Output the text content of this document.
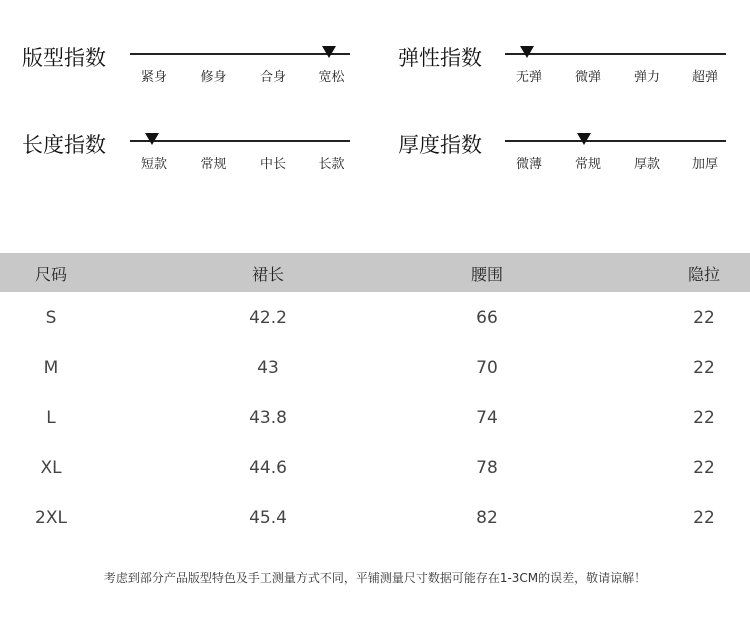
版型指数
紧身	修身	合身	宽松
弹性指数
无弹	微弹	弹力	超弹
长度指数
短款	常规	中长	长款
厚度指数
微薄	常规	厚款	加厚
尺码	裙长	腰围	隐拉
S	42.2	66	22
M	43	70	22
L	43.8	74	22
XL	44.6	78	22
2XL	45.4	82	22
考虑到部分产品版型特色及手工测量方式不同，平铺测量尺寸数据可能存在1-3CM的误差，敬请谅解！
